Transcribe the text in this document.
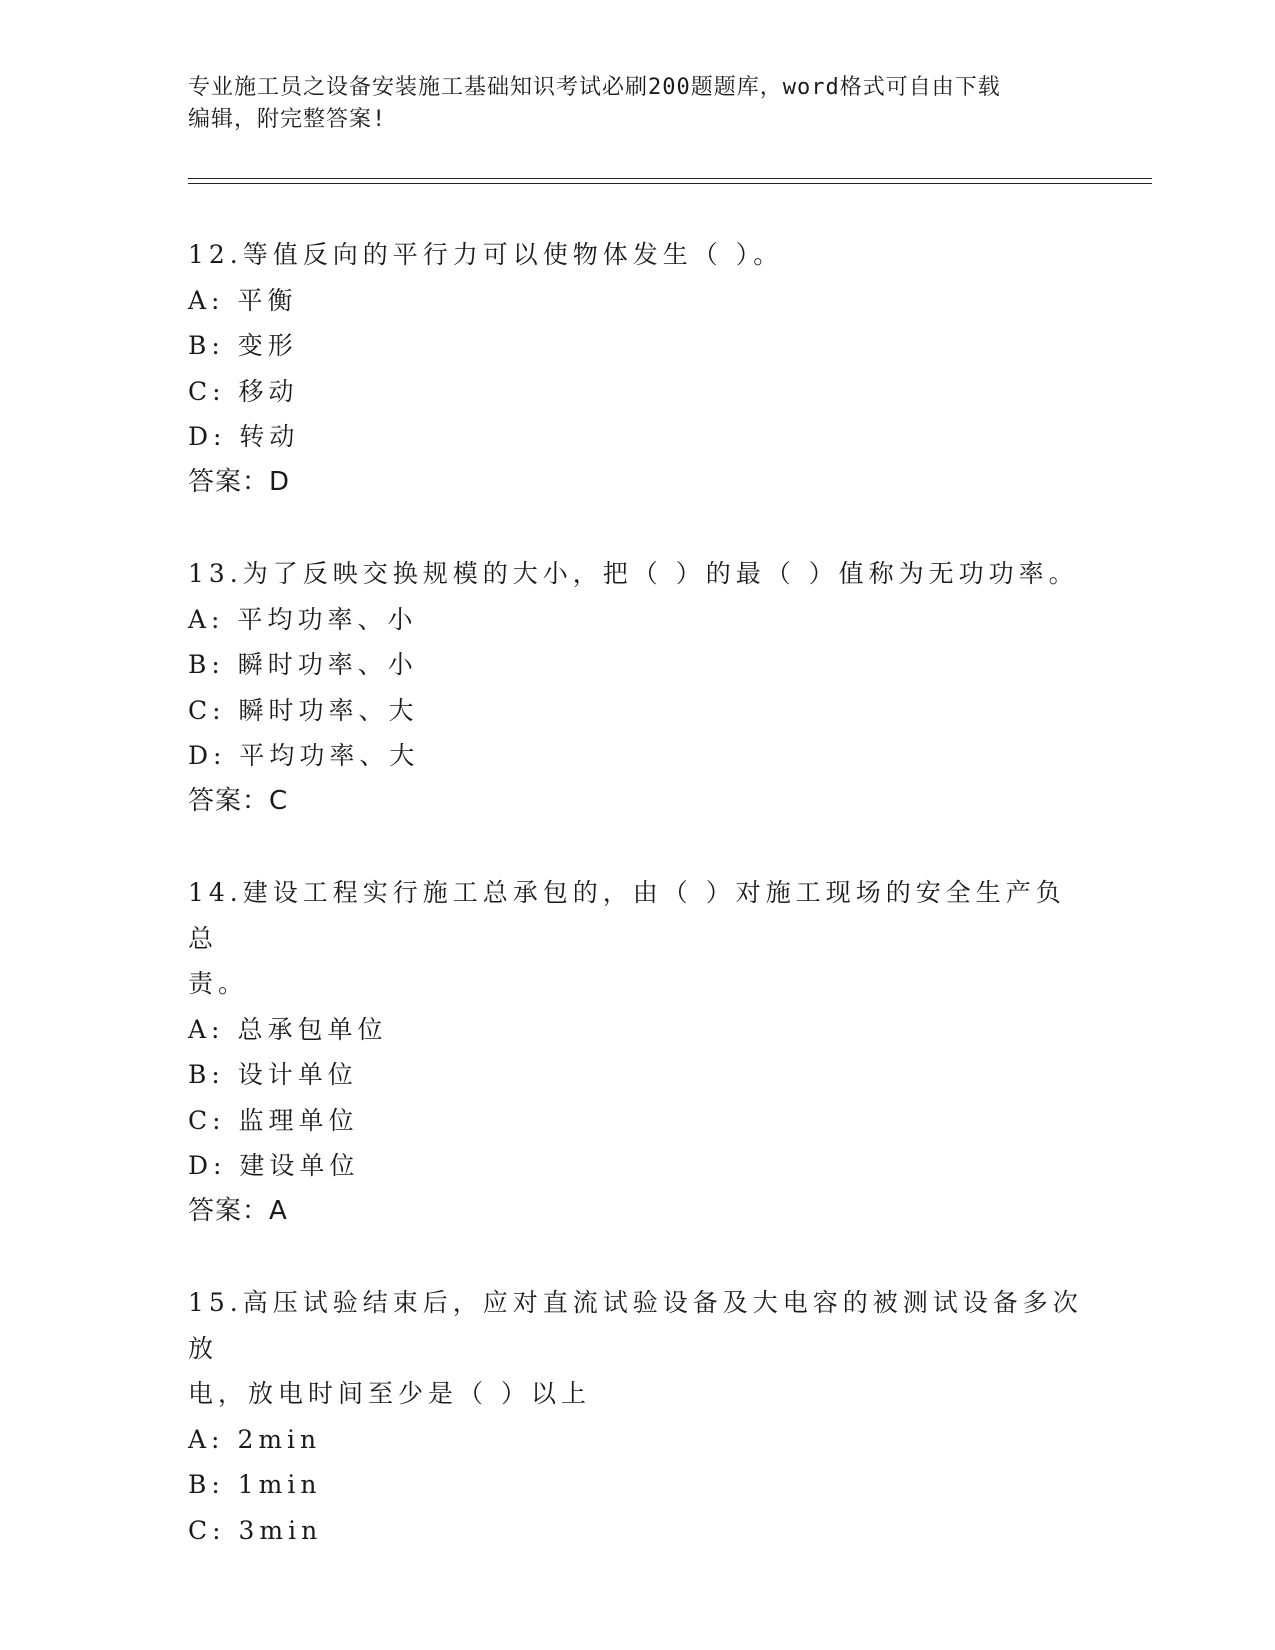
专业施工员之设备安装施工基础知识考试必刷200题题库，word格式可自由下载
编辑，附完整答案!

12.等值反向的平行力可以使物体发生（ ）。

A: 平衡

B: 变形

C: 移动

D: 转动

答案：D

13.为了反映交换规模的大小，把（ ）的最（ ）值称为无功功率。

A: 平均功率、小

B: 瞬时功率、小

C: 瞬时功率、大

D: 平均功率、大

答案：C

14.建设工程实行施工总承包的，由（ ）对施工现场的安全生产负总

责。

A: 总承包单位

B: 设计单位

C: 监理单位

D: 建设单位

答案：A

15.高压试验结束后，应对直流试验设备及大电容的被测试设备多次放

电，放电时间至少是（ ）以上

A: 2min

B: 1min

C: 3min
